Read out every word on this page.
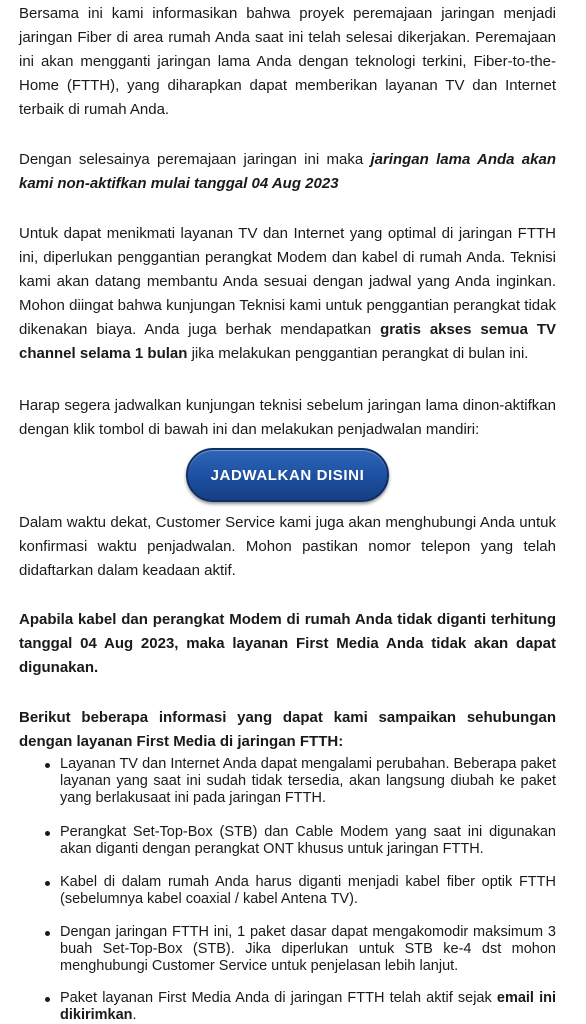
Bersama ini kami informasikan bahwa proyek peremajaan jaringan menjadi jaringan Fiber di area rumah Anda saat ini telah selesai dikerjakan. Peremajaan ini akan mengganti jaringan lama Anda dengan teknologi terkini, Fiber-to-the-Home (FTTH), yang diharapkan dapat memberikan layanan TV dan Internet terbaik di rumah Anda.

Dengan selesainya peremajaan jaringan ini maka jaringan lama Anda akan kami non-aktifkan mulai tanggal 04 Aug 2023

Untuk dapat menikmati layanan TV dan Internet yang optimal di jaringan FTTH ini, diperlukan penggantian perangkat Modem dan kabel di rumah Anda. Teknisi kami akan datang membantu Anda sesuai dengan jadwal yang Anda inginkan. Mohon diingat bahwa kunjungan Teknisi kami untuk penggantian perangkat tidak dikenakan biaya. Anda juga berhak mendapatkan gratis akses semua TV channel selama 1 bulan jika melakukan penggantian perangkat di bulan ini.

Harap segera jadwalkan kunjungan teknisi sebelum jaringan lama dinon-aktifkan dengan klik tombol di bawah ini dan melakukan penjadwalan mandiri:

JADWALKAN DISINI

Dalam waktu dekat, Customer Service kami juga akan menghubungi Anda untuk konfirmasi waktu penjadwalan. Mohon pastikan nomor telepon yang telah didaftarkan dalam keadaan aktif.

Apabila kabel dan perangkat Modem di rumah Anda tidak diganti terhitung tanggal 04 Aug 2023, maka layanan First Media Anda tidak akan dapat digunakan.

Berikut beberapa informasi yang dapat kami sampaikan sehubungan dengan layanan First Media di jaringan FTTH:

Layanan TV dan Internet Anda dapat mengalami perubahan. Beberapa paket layanan yang saat ini sudah tidak tersedia, akan langsung diubah ke paket yang berlakusaat ini pada jaringan FTTH.
Perangkat Set-Top-Box (STB) dan Cable Modem yang saat ini digunakan akan diganti dengan perangkat ONT khusus untuk jaringan FTTH.
Kabel di dalam rumah Anda harus diganti menjadi kabel fiber optik FTTH (sebelumnya kabel coaxial / kabel Antena TV).
Dengan jaringan FTTH ini, 1 paket dasar dapat mengakomodir maksimum 3 buah Set-Top-Box (STB). Jika diperlukan untuk STB ke-4 dst mohon menghubungi Customer Service untuk penjelasan lebih lanjut.
Paket layanan First Media Anda di jaringan FTTH telah aktif sejak email ini dikirimkan.
